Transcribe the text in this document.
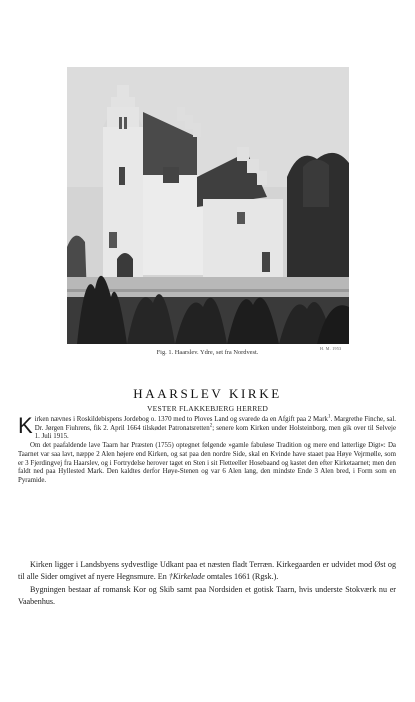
H. M. 1953
Fig. 1. Haarslev. Ydre, set fra Nordvest.
HAARSLEV KIRKE
VESTER FLAKKEBJERG HERRED

Kirken nævnes i Roskildebispens Jordebog o. 1370 med to Ploves Land og svarede da en Afgift paa 2 Mark$^1$. Margrethe Finche, sal. Dr. Jørgen Fiuhrens, fik 2. April 1664 tilskødet Patronatsretten$^2$; senere kom Kirken under Holsteinborg, men gik over til Selveje 1. Juli 1915.

Om det paafaldende lave Taarn har Præsten (1755) optegnet følgende »gamle fabuløse Tradition og mere end latterlige Digt«: Da Taarnet var saa lavt, næppe 2 Alen højere end Kirken, og sat paa den nordre Side, skal en Kvinde have staaet paa Høye Vejrmølle, som er 3 Fjerdingvej fra Haarslev, og i Fortrydelse herover taget en Sten i sit Fletteeller Hosebaand og kastet den efter Kirketaarnet; men den faldt ned paa Hyllested Mark. Den kaldtes derfor Høye-Stenen og var 6 Alen lang, den mindste Ende 3 Alen bred, i Form som en Pyramide.

Kirken ligger i Landsbyens sydvestlige Udkant paa et næsten fladt Terræn. Kirkegaarden er udvidet mod Øst og til alle Sider omgivet af nyere Hegnsmure. En †Kirkelade omtales 1661 (Rgsk.).

Bygningen bestaar af romansk Kor og Skib samt paa Nordsiden et gotisk Taarn, hvis underste Stokværk nu er Vaabenhus.
